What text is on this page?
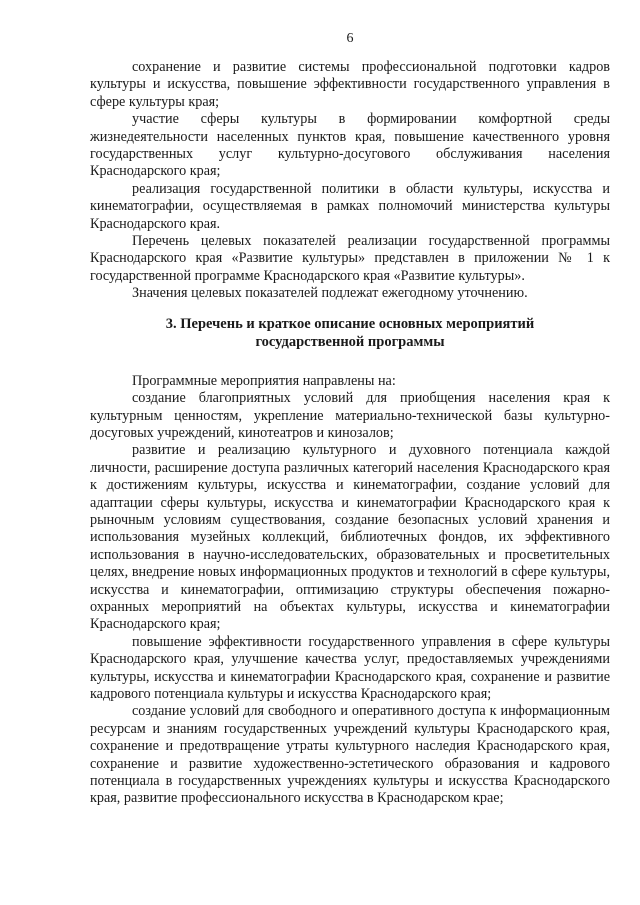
6

сохранение и развитие системы профессиональной подготовки кадров культуры и искусства, повышение эффективности государственного управления в сфере культуры края;

участие сферы культуры в формировании комфортной среды жизнедеятельности населенных пунктов края, повышение качественного уровня государственных услуг культурно-досугового обслуживания населения Краснодарского края;

реализация государственной политики в области культуры, искусства и кинематографии, осуществляемая в рамках полномочий министерства культуры Краснодарского края.

Перечень целевых показателей реализации государственной программы Краснодарского края «Развитие культуры» представлен в приложении № 1 к государственной программе Краснодарского края «Развитие культуры».

Значения целевых показателей подлежат ежегодному уточнению.

3. Перечень и краткое описание основных мероприятий
государственной программы

Программные мероприятия направлены на:

создание благоприятных условий для приобщения населения края к культурным ценностям, укрепление материально-технической базы культурно-досуговых учреждений, кинотеатров и кинозалов;

развитие и реализацию культурного и духовного потенциала каждой личности, расширение доступа различных категорий населения Краснодарского края к достижениям культуры, искусства и кинематографии, создание условий для адаптации сферы культуры, искусства и кинематографии Краснодарского края к рыночным условиям существования, создание безопасных условий хранения и использования музейных коллекций, библиотечных фондов, их эффективного использования в научно-исследовательских, образовательных и просветительных целях, внедрение новых информационных продуктов и технологий в сфере культуры, искусства и кинематографии, оптимизацию структуры обеспечения пожарно-охранных мероприятий на объектах культуры, искусства и кинематографии Краснодарского края;

повышение эффективности государственного управления в сфере культуры Краснодарского края, улучшение качества услуг, предоставляемых учреждениями культуры, искусства и кинематографии Краснодарского края, сохранение и развитие кадрового потенциала культуры и искусства Краснодарского края;

создание условий для свободного и оперативного доступа к информационным ресурсам и знаниям государственных учреждений культуры Краснодарского края, сохранение и предотвращение утраты культурного наследия Краснодарского края, сохранение и развитие художественно-эстетического образования и кадрового потенциала в государственных учреждениях культуры и искусства Краснодарского края, развитие профессионального искусства в Краснодарском крае;
